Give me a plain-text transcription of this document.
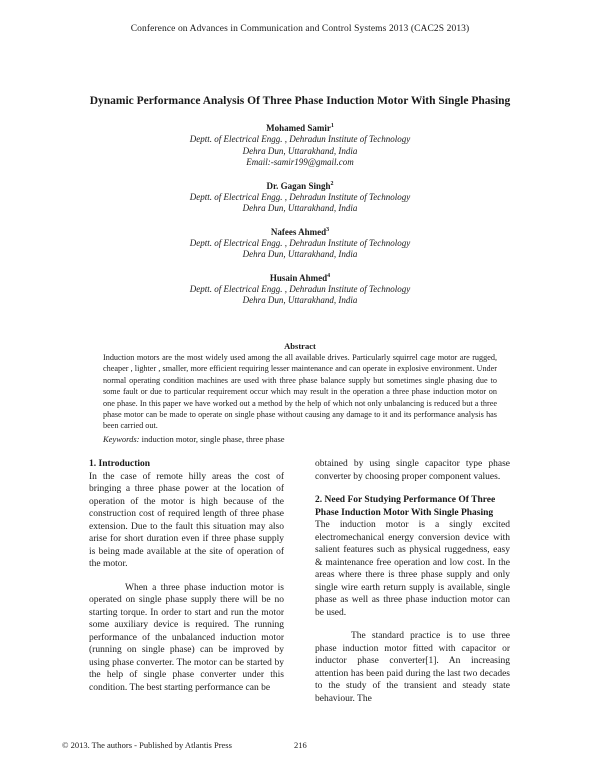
Conference on Advances in Communication and Control Systems 2013 (CAC2S 2013)
Dynamic Performance Analysis Of Three Phase Induction Motor With Single Phasing
Mohamed Samir$^1$
Deptt. of Electrical Engg. , Dehradun Institute of Technology
Dehra Dun, Uttarakhand, India
Email:-samir199@gmail.com
Dr. Gagan Singh$^2$
Deptt. of Electrical Engg. , Dehradun Institute of Technology
Dehra Dun, Uttarakhand, India
Nafees Ahmed$^3$
Deptt. of Electrical Engg. , Dehradun Institute of Technology
Dehra Dun, Uttarakhand, India
Husain Ahmed$^4$
Deptt. of Electrical Engg. , Dehradun Institute of Technology
Dehra Dun, Uttarakhand, India
Abstract
Induction motors are the most widely used among the all available drives. Particularly squirrel cage motor are rugged, cheaper , lighter , smaller, more efficient requiring lesser maintenance and can operate in explosive environment. Under normal operating condition machines are used with three phase balance supply but sometimes single phasing due to some fault or due to particular requirement occur which may result in the operation a three phase induction motor on one phase. In this paper we have worked out a method by the help of which not only unbalancing is reduced but a three phase motor can be made to operate on single phase without causing any damage to it and its performance analysis has been carried out.
Keywords: induction motor, single phase, three phase
1. Introduction

In the case of remote hilly areas the cost of bringing a three phase power at the location of operation of the motor is high because of the construction cost of required length of three phase extension. Due to the fault this situation may also arise for short duration even if three phase supply is being made available at the site of operation of the motor.

When a three phase induction motor is operated on single phase supply there will be no starting torque. In order to start and run the motor some auxiliary device is required. The running performance of the unbalanced induction motor (running on single phase) can be improved by using phase converter. The motor can be started by the help of single phase converter under this condition. The best starting performance can be

obtained by using single capacitor type phase converter by choosing proper component values.

2. Need For Studying Performance Of Three Phase Induction Motor With Single Phasing

The induction motor is a singly excited electromechanical energy conversion device with salient features such as physical ruggedness, easy & maintenance free operation and low cost. In the areas where there is three phase supply and only single wire earth return supply is available, single phase as well as three phase induction motor can be used.

The standard practice is to use three phase induction motor fitted with capacitor or inductor phase converter[1]. An increasing attention has been paid during the last two decades to the study of the transient and steady state behaviour. The

© 2013. The authors - Published by Atlantis Press	216
